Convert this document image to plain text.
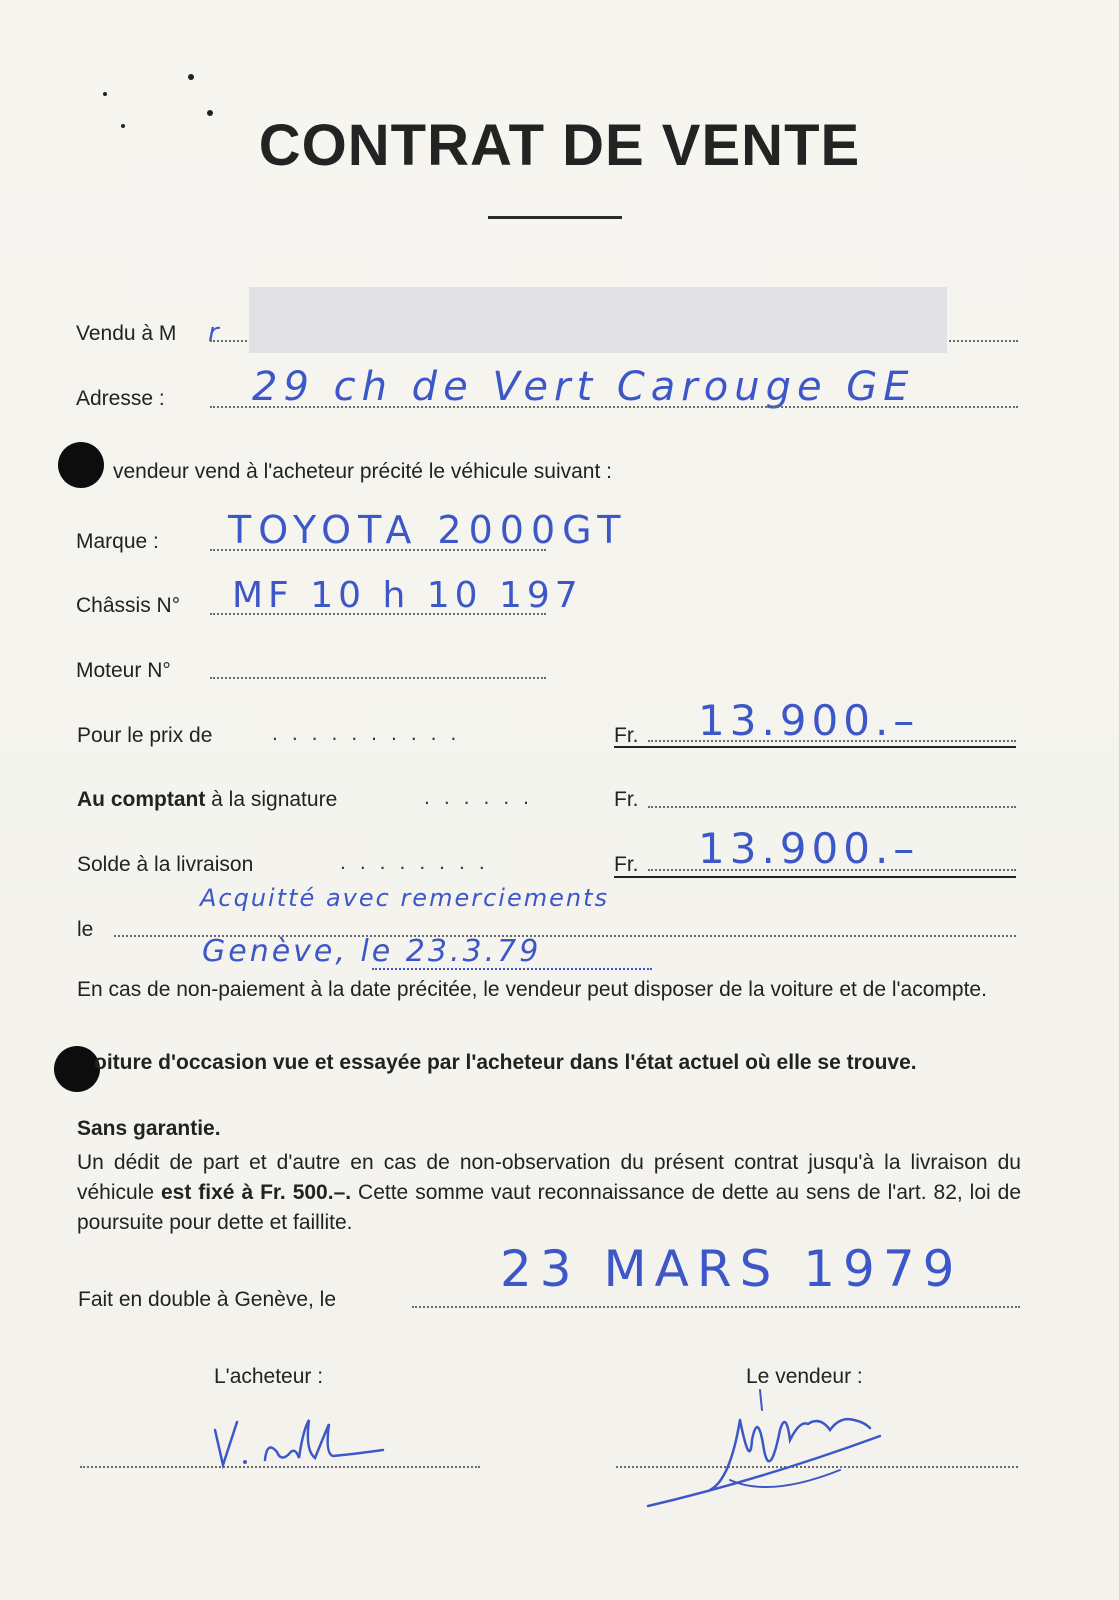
CONTRAT DE VENTE
Vendu à M r
Adresse : 29 ch de Vert Carouge GE
vendeur vend à l'acheteur précité le véhicule suivant :
Marque : TOYOTA 2000GT
Châssis N° MF 10 h 10 197
Moteur N°
Pour le prix de	..........	Fr. 13.900.–
Au comptant à la signature	......	Fr.
Solde à la livraison	........	Fr. 13.900.–
le
Acquitté avec remerciements
Genève, le 23.3.79
En cas de non-paiement à la date précitée, le vendeur peut disposer de la voiture et de l'acompte.
oiture d'occasion vue et essayée par l'acheteur dans l'état actuel où elle se trouve.
Sans garantie.
Un dédit de part et d'autre en cas de non-observation du présent contrat jusqu'à la livraison du véhicule est fixé à Fr. 500.–. Cette somme vaut reconnaissance de dette au sens de l'art. 82, loi de poursuite pour dette et faillite.
Fait en double à Genève, le
23 MARS 1979
L'acheteur :	Le vendeur :
